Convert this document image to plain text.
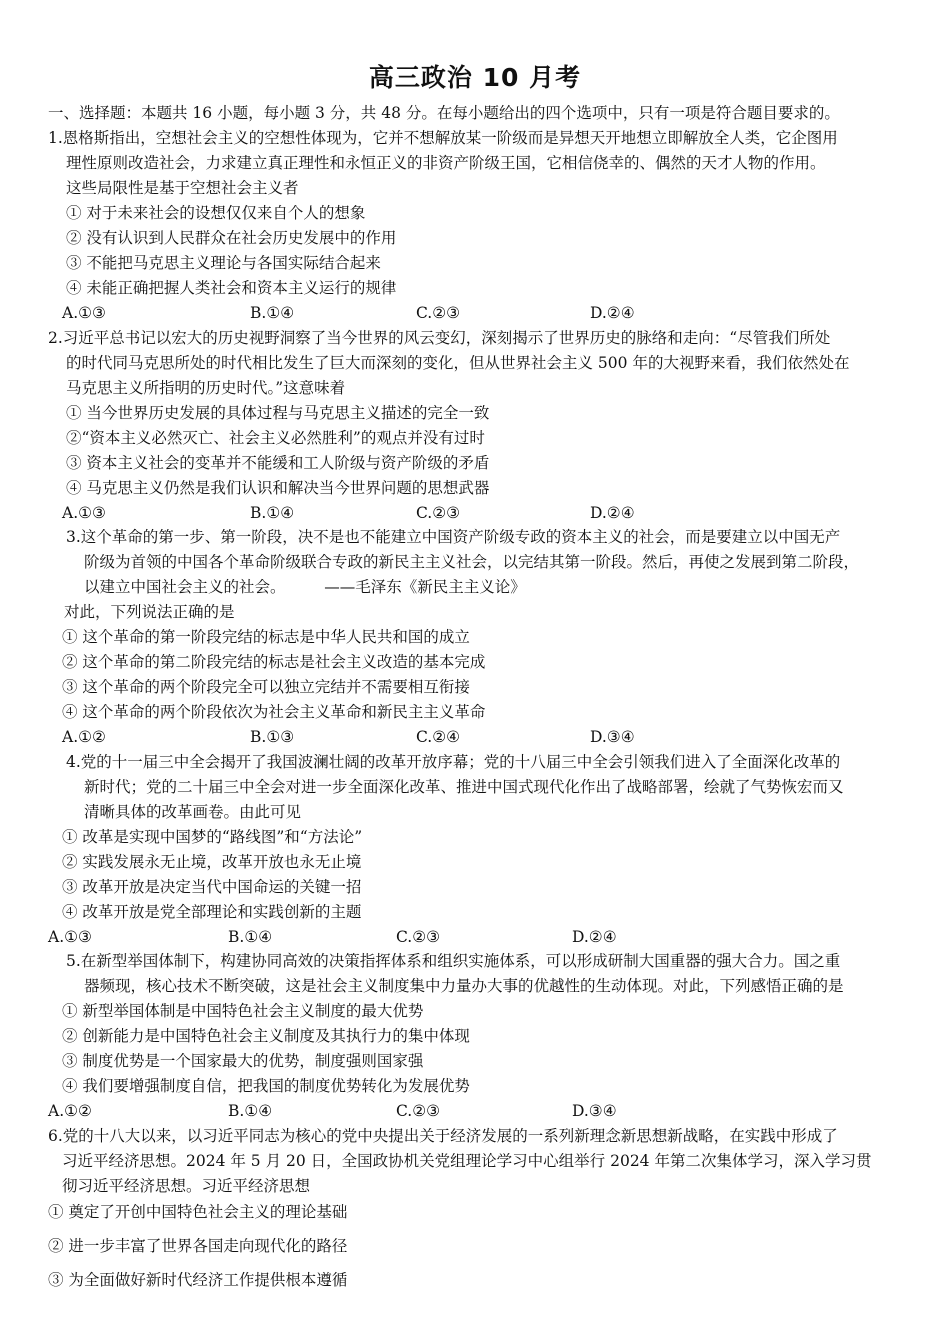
高三政治 10 月考
一、选择题：本题共 16 小题，每小题 3 分，共 48 分。在每小题给出的四个选项中，只有一项是符合题目要求的。
1.恩格斯指出，空想社会主义的空想性体现为，它并不想解放某一阶级而是异想天开地想立即解放全人类，它企图用
理性原则改造社会，力求建立真正理性和永恒正义的非资产阶级王国，它相信侥幸的、偶然的天才人物的作用。
这些局限性是基于空想社会主义者
① 对于未来社会的设想仅仅来自个人的想象
② 没有认识到人民群众在社会历史发展中的作用
③ 不能把马克思主义理论与各国实际结合起来
④ 未能正确把握人类社会和资本主义运行的规律
A.①③	B.①④	C.②③	D.②④
2.习近平总书记以宏大的历史视野洞察了当今世界的风云变幻，深刻揭示了世界历史的脉络和走向：“尽管我们所处
的时代同马克思所处的时代相比发生了巨大而深刻的变化，但从世界社会主义 500 年的大视野来看，我们依然处在
马克思主义所指明的历史时代。”这意味着
① 当今世界历史发展的具体过程与马克思主义描述的完全一致
②“资本主义必然灭亡、社会主义必然胜利”的观点并没有过时
③ 资本主义社会的变革并不能缓和工人阶级与资产阶级的矛盾
④ 马克思主义仍然是我们认识和解决当今世界问题的思想武器
A.①③	B.①④	C.②③	D.②④
3.这个革命的第一步、第一阶段，决不是也不能建立中国资产阶级专政的资本主义的社会，而是要建立以中国无产
阶级为首领的中国各个革命阶级联合专政的新民主主义社会，以完结其第一阶段。然后，再使之发展到第二阶段，
以建立中国社会主义的社会。　　　——毛泽东《新民主主义论》
对此，下列说法正确的是
① 这个革命的第一阶段完结的标志是中华人民共和国的成立
② 这个革命的第二阶段完结的标志是社会主义改造的基本完成
③ 这个革命的两个阶段完全可以独立完结并不需要相互衔接
④ 这个革命的两个阶段依次为社会主义革命和新民主主义革命
A.①②	B.①③	C.②④	D.③④
4.党的十一届三中全会揭开了我国波澜壮阔的改革开放序幕；党的十八届三中全会引领我们进入了全面深化改革的
新时代；党的二十届三中全会对进一步全面深化改革、推进中国式现代化作出了战略部署，绘就了气势恢宏而又
清晰具体的改革画卷。由此可见
① 改革是实现中国梦的“路线图”和“方法论”
② 实践发展永无止境，改革开放也永无止境
③ 改革开放是决定当代中国命运的关键一招
④ 改革开放是党全部理论和实践创新的主题
A.①③	B.①④	C.②③	D.②④
5.在新型举国体制下，构建协同高效的决策指挥体系和组织实施体系，可以形成研制大国重器的强大合力。国之重
器频现，核心技术不断突破，这是社会主义制度集中力量办大事的优越性的生动体现。对此，下列感悟正确的是
① 新型举国体制是中国特色社会主义制度的最大优势
② 创新能力是中国特色社会主义制度及其执行力的集中体现
③ 制度优势是一个国家最大的优势，制度强则国家强
④ 我们要增强制度自信，把我国的制度优势转化为发展优势
A.①②	B.①④	C.②③	D.③④
6.党的十八大以来，以习近平同志为核心的党中央提出关于经济发展的一系列新理念新思想新战略，在实践中形成了
习近平经济思想。2024 年 5 月 20 日，全国政协机关党组理论学习中心组举行 2024 年第二次集体学习，深入学习贯
彻习近平经济思想。习近平经济思想
① 奠定了开创中国特色社会主义的理论基础
② 进一步丰富了世界各国走向现代化的路径
③ 为全面做好新时代经济工作提供根本遵循
